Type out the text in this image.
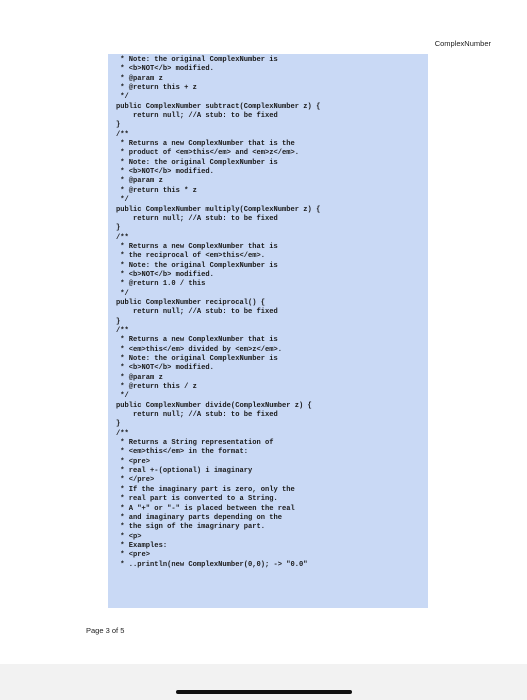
ComplexNumber
* Note: the original ComplexNumber is
* <b>NOT</b> modified.
* @param z
* @return this + z
*/
public ComplexNumber subtract(ComplexNumber z) {
return null; //A stub: to be fixed
}
/**
* Returns a new ComplexNumber that is the
* product of <em>this</em> and <em>z</em>.
* Note: the original ComplexNumber is
* <b>NOT</b> modified.
* @param z
* @return this * z
*/
public ComplexNumber multiply(ComplexNumber z) {
return null; //A stub: to be fixed
}
/**
* Returns a new ComplexNumber that is
* the reciprocal of <em>this</em>.
* Note: the original ComplexNumber is
* <b>NOT</b> modified.
* @return 1.0 / this
*/
public ComplexNumber reciprocal() {
return null; //A stub: to be fixed
}
/**
* Returns a new ComplexNumber that is
* <em>this</em> divided by <em>z</em>.
* Note: the original ComplexNumber is
* <b>NOT</b> modified.
* @param z
* @return this / z
*/
public ComplexNumber divide(ComplexNumber z) {
return null; //A stub: to be fixed
}
/**
* Returns a String representation of
* <em>this</em> in the format:
* <pre>
* real +-(optional) i imaginary
* </pre>
* If the imaginary part is zero, only the
* real part is converted to a String.
* A "+" or "-" is placed between the real
* and imaginary parts depending on the
* the sign of the imagrinary part.
* <p>
* Examples:
* <pre>
* ..println(new ComplexNumber(0,0); -> "0.0"
Page 3 of 5
